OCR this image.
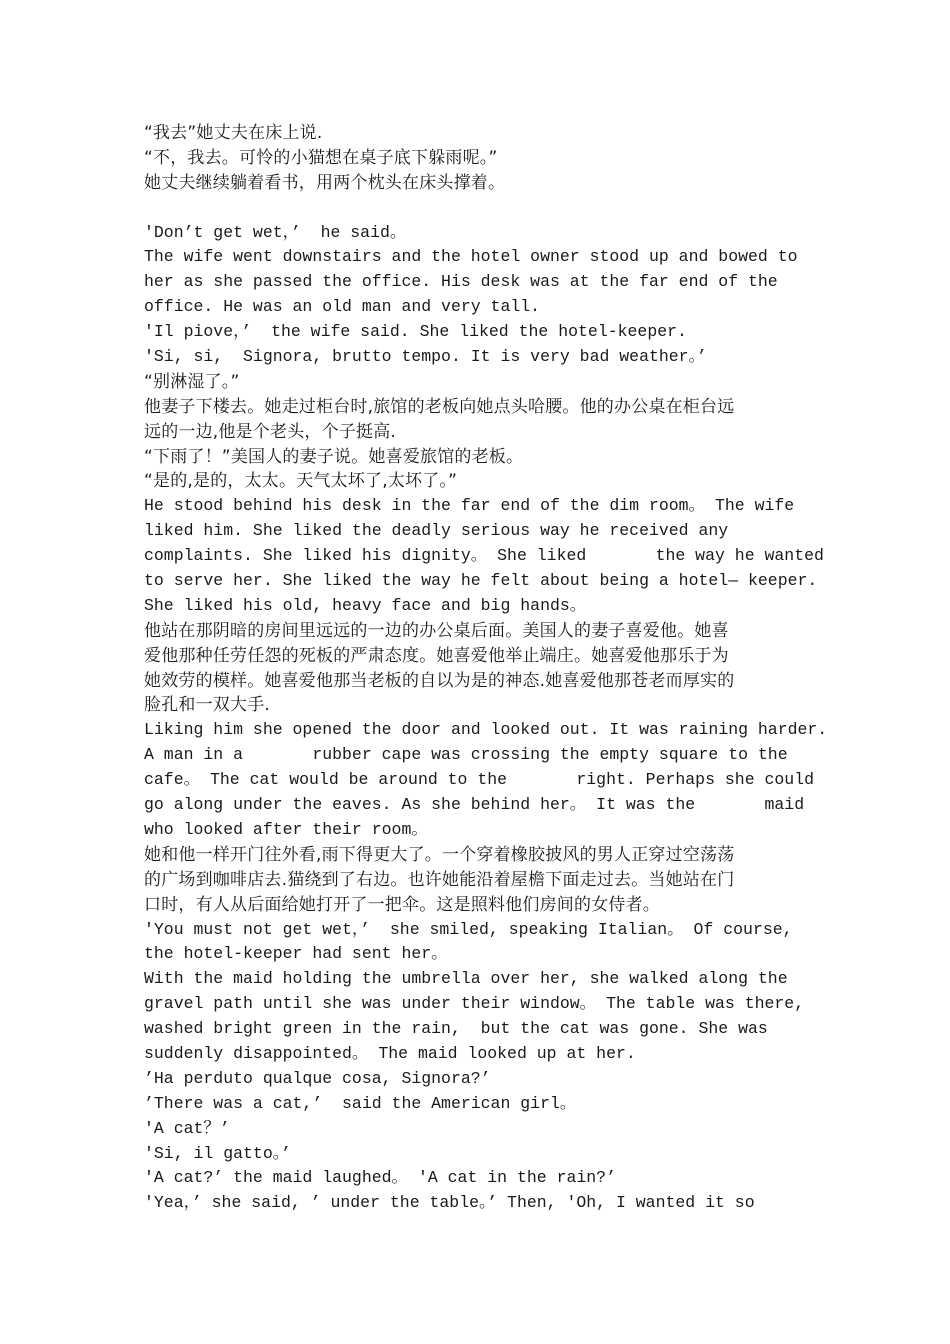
“我去”她丈夫在床上说.
“不，我去。可怜的小猫想在桌子底下躲雨呢。”
她丈夫继续躺着看书，用两个枕头在床头撑着。
'Don’t get wet，’  he said。
The wife went downstairs and the hotel owner stood up and bowed to
her as she passed the office. His desk was at the far end of the
office. He was an old man and very tall.
'Il piove，’  the wife said. She liked the hotel-keeper.
'Si, si,  Signora, brutto tempo. It is very bad weather。’
“别淋湿了。”
他妻子下楼去。她走过柜台时,旅馆的老板向她点头哈腰。他的办公桌在柜台远
远的一边,他是个老头，个子挺高.
“下雨了！”美国人的妻子说。她喜爱旅馆的老板。
“是的,是的，太太。天气太坏了,太坏了。”
He stood behind his desk in the far end of the dim room。 The wife
liked him. She liked the deadly serious way he received any
complaints. She liked his dignity。 She liked       the way he wanted
to serve her. She liked the way he felt about being a hotel— keeper.
She liked his old, heavy face and big hands。
他站在那阴暗的房间里远远的一边的办公桌后面。美国人的妻子喜爱他。她喜
爱他那种任劳任怨的死板的严肃态度。她喜爱他举止端庄。她喜爱他那乐于为
她效劳的模样。她喜爱他那当老板的自以为是的神态.她喜爱他那苍老而厚实的
脸孔和一双大手.
Liking him she opened the door and looked out. It was raining harder.
A man in a       rubber cape was crossing the empty square to the
cafe。 The cat would be around to the       right. Perhaps she could
go along under the eaves. As she behind her。 It was the       maid
who looked after their room。
她和他一样开门往外看,雨下得更大了。一个穿着橡胶披风的男人正穿过空荡荡
的广场到咖啡店去.猫绕到了右边。也许她能沿着屋檐下面走过去。当她站在门
口时，有人从后面给她打开了一把伞。这是照料他们房间的女侍者。
'You must not get wet，’  she smiled, speaking Italian。 Of course,
the hotel-keeper had sent her。
With the maid holding the umbrella over her, she walked along the
gravel path until she was under their window。 The table was there,
washed bright green in the rain,  but the cat was gone. She was
suddenly disappointed。 The maid looked up at her.
’Ha perduto qualque cosa, Signora?’
’There was a cat,’  said the American girl。
'A cat？’
'Si, il gatto。’
'A cat?’ the maid laughed。 'A cat in the rain?’
'Yea，’ she said, ’ under the table。’ Then, 'Oh, I wanted it so
